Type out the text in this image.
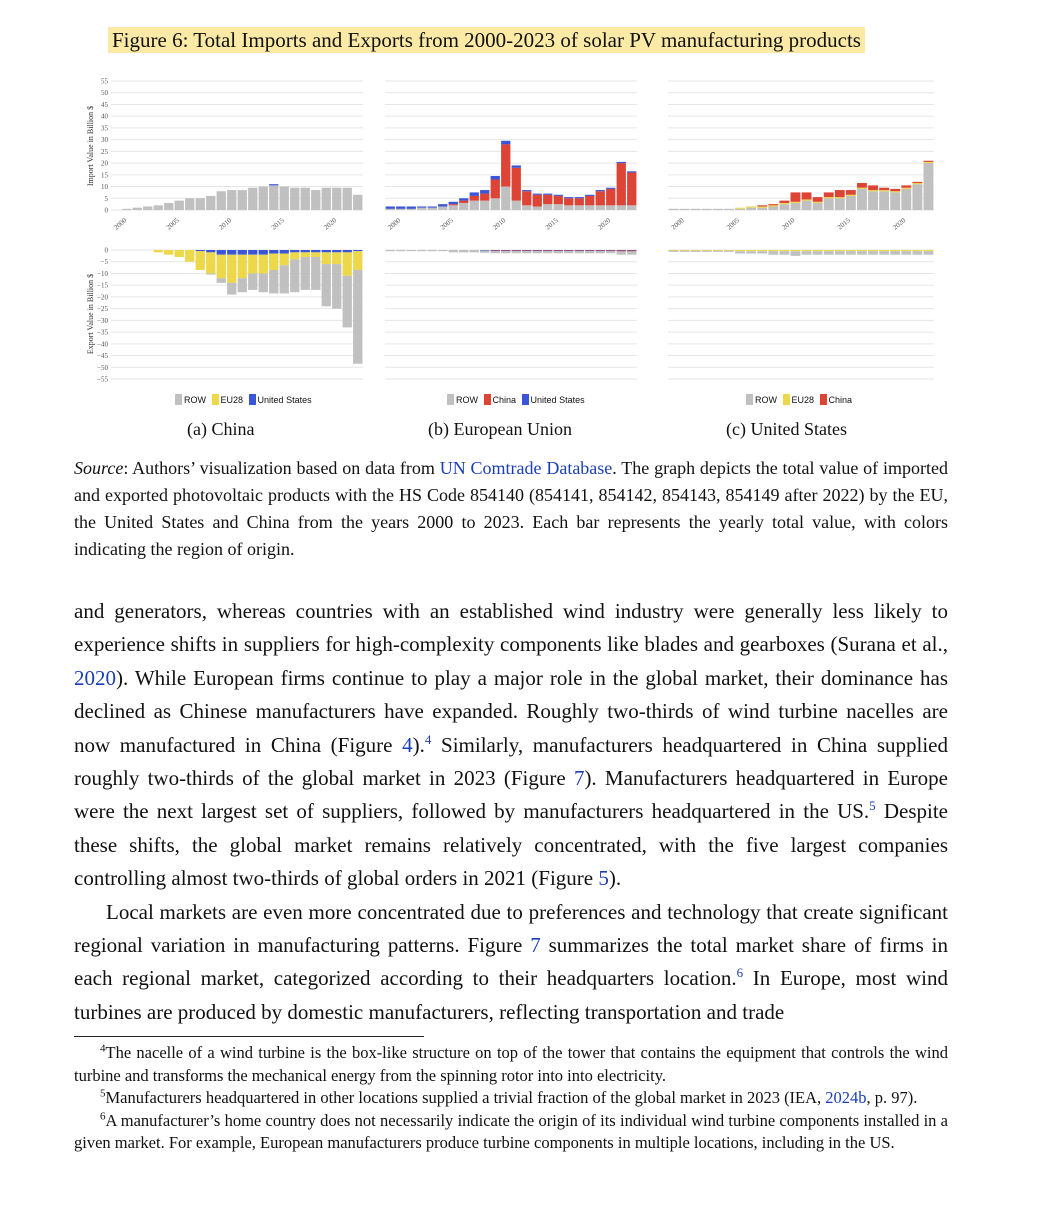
Figure 6: Total Imports and Exports from 2000-2023 of solar PV manufacturing products
Import Value in Billion $
Export Value in Billion $
55
50
45
40
35
30
25
20
15
10
5
0
0
−5
−10
−15
−20
−25
−30
−35
−40
−45
−50
−55
2000	2005	2010	2015	2020	2000	2005	2010	2015	2020	2000	2005	2010	2015	2020
ROW EU28 United States	ROW China United States	ROW EU28 China
(a) China	(b) European Union	(c) United States
Source: Authors’ visualization based on data from UN Comtrade Database. The graph depicts the total value of imported and exported photovoltaic products with the HS Code 854140 (854141, 854142, 854143, 854149 after 2022) by the EU, the United States and China from the years 2000 to 2023. Each bar represents the yearly total value, with colors indicating the region of origin.

and generators, whereas countries with an established wind industry were generally less likely to experience shifts in suppliers for high-complexity components like blades and gearboxes (Surana et al., 2020). While European firms continue to play a major role in the global market, their dominance has declined as Chinese manufacturers have expanded. Roughly two-thirds of wind turbine nacelles are now manufactured in China (Figure 4).$^4$ Similarly, manufacturers headquartered in China supplied roughly two-thirds of the global market in 2023 (Figure 7). Manufacturers headquartered in Europe were the next largest set of suppliers, followed by manufacturers headquartered in the US.$^5$ Despite these shifts, the global market remains relatively concentrated, with the five largest companies controlling almost two-thirds of global orders in 2021 (Figure 5).

Local markets are even more concentrated due to preferences and technology that create significant regional variation in manufacturing patterns. Figure 7 summarizes the total market share of firms in each regional market, categorized according to their headquarters location.$^6$ In Europe, most wind turbines are produced by domestic manufacturers, reflecting transportation and trade

$^4$The nacelle of a wind turbine is the box-like structure on top of the tower that contains the equipment that controls the wind turbine and transforms the mechanical energy from the spinning rotor into into electricity.

$^5$Manufacturers headquartered in other locations supplied a trivial fraction of the global market in 2023 (IEA, 2024b, p. 97).

$^6$A manufacturer’s home country does not necessarily indicate the origin of its individual wind turbine components installed in a given market. For example, European manufacturers produce turbine components in multiple locations, including in the US.
